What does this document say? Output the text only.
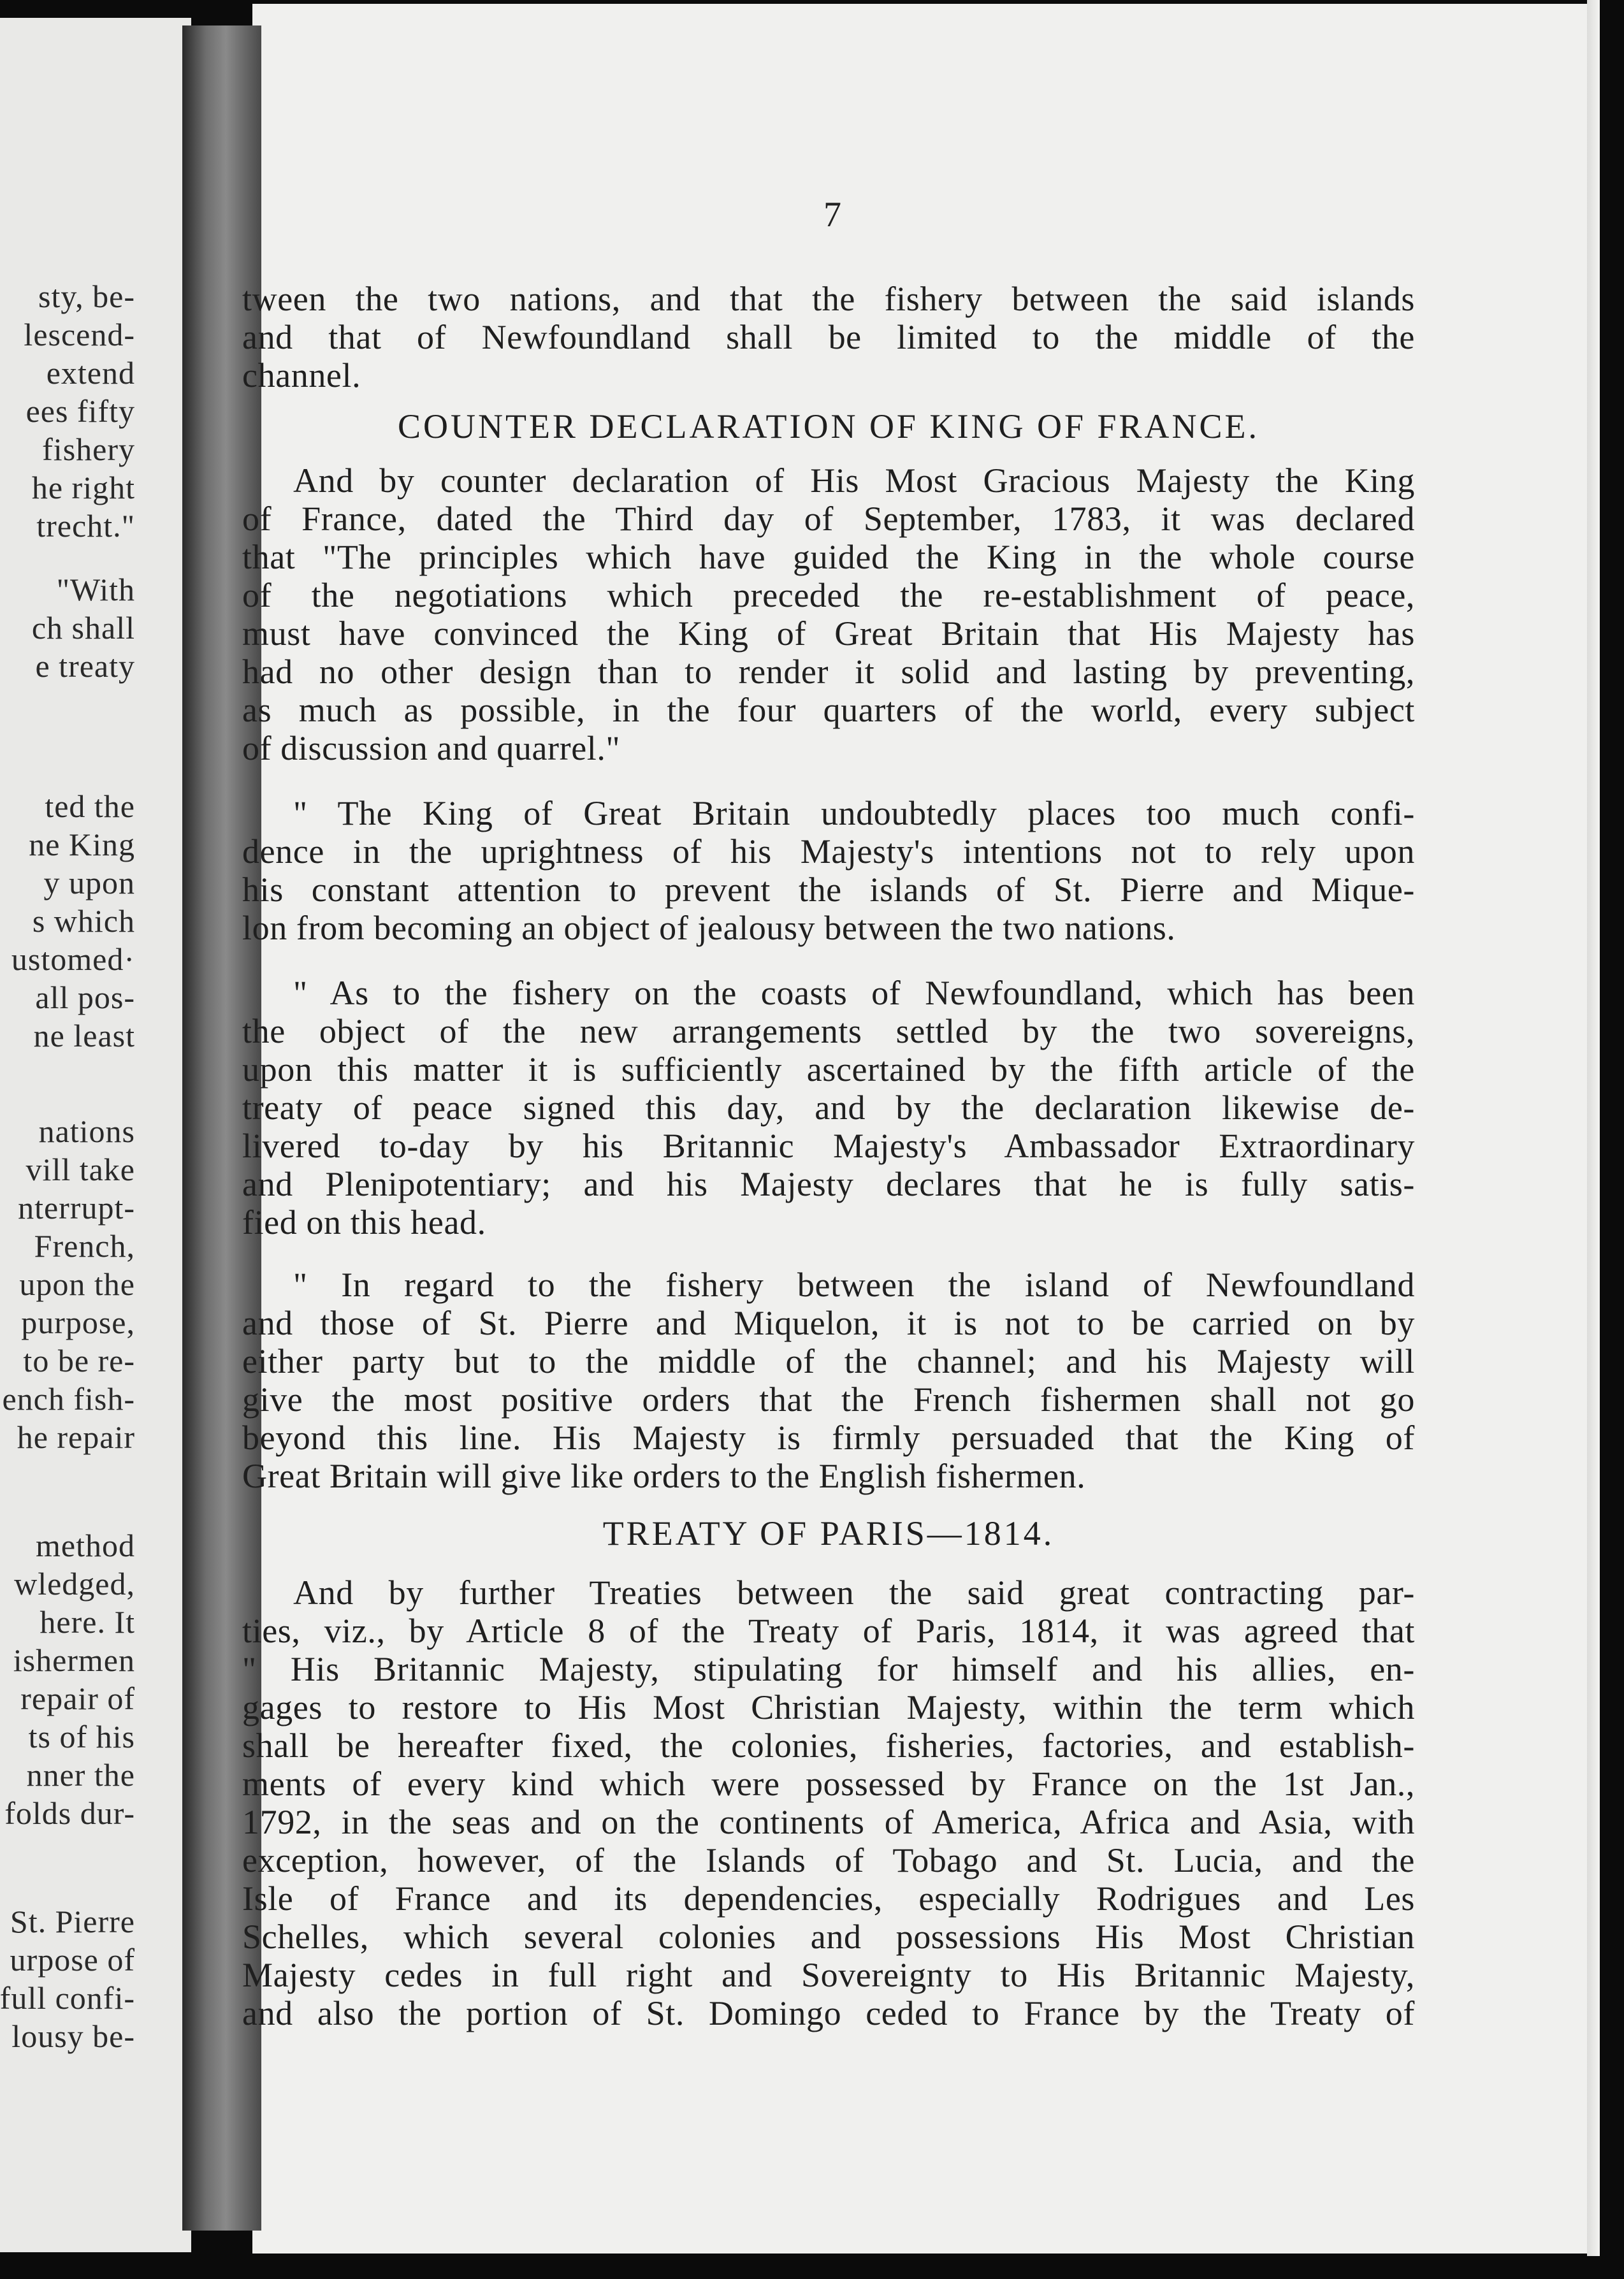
sty, be-
lescend-
extend
ees fifty
fishery
he right
trecht."
"With
ch shall
e treaty
ted the
ne King
y upon
s which
ustomed·
all pos-
ne least
nations
vill take
nterrupt-
French,
upon the
purpose,
to be re-
ench fish-
he repair
method
wledged,
here. It
ishermen
repair of
ts of his
nner the
folds dur-
St. Pierre
urpose of
full confi-
lousy be-
7
tween the two nations, and that the fishery between the said islands
and that of Newfoundland shall be limited to the middle of the
channel.
COUNTER DECLARATION OF KING OF FRANCE.
And by counter declaration of His Most Gracious Majesty the King
of France, dated the Third day of September, 1783, it was declared
that "The principles which have guided the King in the whole course
of the negotiations which preceded the re-establishment of peace,
must have convinced the King of Great Britain that His Majesty has
had no other design than to render it solid and lasting by preventing,
as much as possible, in the four quarters of the world, every subject
of discussion and quarrel."
" The King of Great Britain undoubtedly places too much confi-
dence in the uprightness of his Majesty's intentions not to rely upon
his constant attention to prevent the islands of St. Pierre and Mique-
lon from becoming an object of jealousy between the two nations.
" As to the fishery on the coasts of Newfoundland, which has been
the object of the new arrangements settled by the two sovereigns,
upon this matter it is sufficiently ascertained by the fifth article of the
treaty of peace signed this day, and by the declaration likewise de-
livered to-day by his Britannic Majesty's Ambassador Extraordinary
and Plenipotentiary; and his Majesty declares that he is fully satis-
fied on this head.
" In regard to the fishery between the island of Newfoundland
and those of St. Pierre and Miquelon, it is not to be carried on by
either party but to the middle of the channel; and his Majesty will
give the most positive orders that the French fishermen shall not go
beyond this line. His Majesty is firmly persuaded that the King of
Great Britain will give like orders to the English fishermen.
TREATY OF PARIS—1814.
And by further Treaties between the said great contracting par-
ties, viz., by Article 8 of the Treaty of Paris, 1814, it was agreed that
" His Britannic Majesty, stipulating for himself and his allies, en-
gages to restore to His Most Christian Majesty, within the term which
shall be hereafter fixed, the colonies, fisheries, factories, and establish-
ments of every kind which were possessed by France on the 1st Jan.,
1792, in the seas and on the continents of America, Africa and Asia, with
exception, however, of the Islands of Tobago and St. Lucia, and the
Isle of France and its dependencies, especially Rodrigues and Les
Schelles, which several colonies and possessions His Most Christian
Majesty cedes in full right and Sovereignty to His Britannic Majesty,
and also the portion of St. Domingo ceded to France by the Treaty of
